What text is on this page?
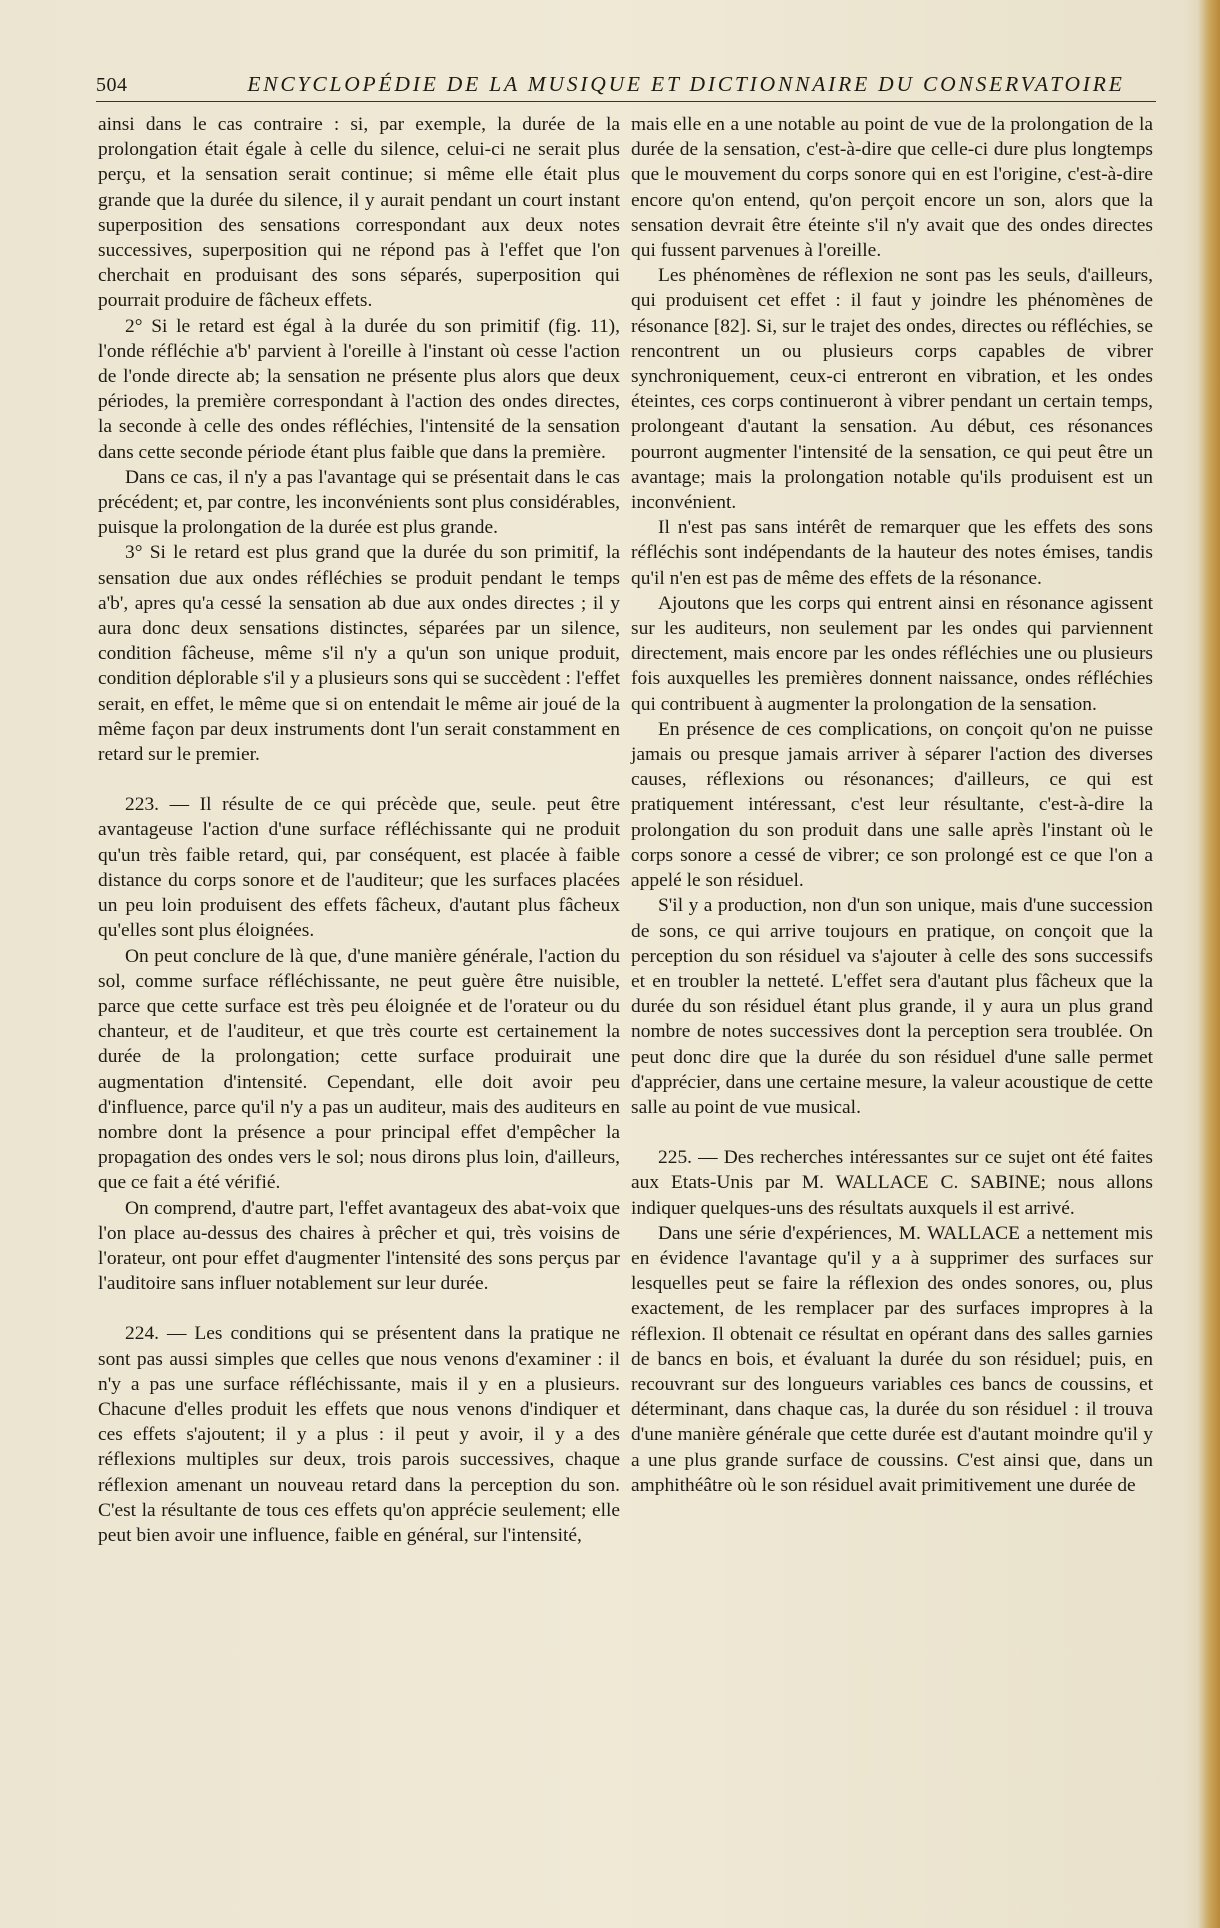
504	ENCYCLOPÉDIE DE LA MUSIQUE ET DICTIONNAIRE DU CONSERVATOIRE

ainsi dans le cas contraire : si, par exemple, la durée de la prolongation était égale à celle du silence, celui-ci ne serait plus perçu, et la sensation serait continue; si même elle était plus grande que la durée du silence, il y aurait pendant un court instant superposition des sensations correspondant aux deux notes successives, superposition qui ne répond pas à l'effet que l'on cherchait en produisant des sons séparés, superposition qui pourrait produire de fâcheux effets.

2° Si le retard est égal à la durée du son primitif (fig. 11), l'onde réfléchie a'b' parvient à l'oreille à l'instant où cesse l'action de l'onde directe ab; la sensation ne présente plus alors que deux périodes, la première correspondant à l'action des ondes directes, la seconde à celle des ondes réfléchies, l'intensité de la sensation dans cette seconde période étant plus faible que dans la première.

Dans ce cas, il n'y a pas l'avantage qui se présentait dans le cas précédent; et, par contre, les inconvénients sont plus considérables, puisque la prolongation de la durée est plus grande.

3° Si le retard est plus grand que la durée du son primitif, la sensation due aux ondes réfléchies se produit pendant le temps a'b', apres qu'a cessé la sensation ab due aux ondes directes ; il y aura donc deux sensations distinctes, séparées par un silence, condition fâcheuse, même s'il n'y a qu'un son unique produit, condition déplorable s'il y a plusieurs sons qui se succèdent : l'effet serait, en effet, le même que si on entendait le même air joué de la même façon par deux instruments dont l'un serait constamment en retard sur le premier.

223. — Il résulte de ce qui précède que, seule. peut être avantageuse l'action d'une surface réfléchissante qui ne produit qu'un très faible retard, qui, par conséquent, est placée à faible distance du corps sonore et de l'auditeur; que les surfaces placées un peu loin produisent des effets fâcheux, d'autant plus fâcheux qu'elles sont plus éloignées.

On peut conclure de là que, d'une manière générale, l'action du sol, comme surface réfléchissante, ne peut guère être nuisible, parce que cette surface est très peu éloignée et de l'orateur ou du chanteur, et de l'auditeur, et que très courte est certainement la durée de la prolongation; cette surface produirait une augmentation d'intensité. Cependant, elle doit avoir peu d'influence, parce qu'il n'y a pas un auditeur, mais des auditeurs en nombre dont la présence a pour principal effet d'empêcher la propagation des ondes vers le sol; nous dirons plus loin, d'ailleurs, que ce fait a été vérifié.

On comprend, d'autre part, l'effet avantageux des abat-voix que l'on place au-dessus des chaires à prêcher et qui, très voisins de l'orateur, ont pour effet d'augmenter l'intensité des sons perçus par l'auditoire sans influer notablement sur leur durée.

224. — Les conditions qui se présentent dans la pratique ne sont pas aussi simples que celles que nous venons d'examiner : il n'y a pas une surface réfléchissante, mais il y en a plusieurs. Chacune d'elles produit les effets que nous venons d'indiquer et ces effets s'ajoutent; il y a plus : il peut y avoir, il y a des réflexions multiples sur deux, trois parois successives, chaque réflexion amenant un nouveau retard dans la perception du son. C'est la résultante de tous ces effets qu'on apprécie seulement; elle peut bien avoir une influence, faible en général, sur l'intensité,

mais elle en a une notable au point de vue de la prolongation de la durée de la sensation, c'est-à-dire que celle-ci dure plus longtemps que le mouvement du corps sonore qui en est l'origine, c'est-à-dire encore qu'on entend, qu'on perçoit encore un son, alors que la sensation devrait être éteinte s'il n'y avait que des ondes directes qui fussent parvenues à l'oreille.

Les phénomènes de réflexion ne sont pas les seuls, d'ailleurs, qui produisent cet effet : il faut y joindre les phénomènes de résonance [82]. Si, sur le trajet des ondes, directes ou réfléchies, se rencontrent un ou plusieurs corps capables de vibrer synchroniquement, ceux-ci entreront en vibration, et les ondes éteintes, ces corps continueront à vibrer pendant un certain temps, prolongeant d'autant la sensation. Au début, ces résonances pourront augmenter l'intensité de la sensation, ce qui peut être un avantage; mais la prolongation notable qu'ils produisent est un inconvénient.

Il n'est pas sans intérêt de remarquer que les effets des sons réfléchis sont indépendants de la hauteur des notes émises, tandis qu'il n'en est pas de même des effets de la résonance.

Ajoutons que les corps qui entrent ainsi en résonance agissent sur les auditeurs, non seulement par les ondes qui parviennent directement, mais encore par les ondes réfléchies une ou plusieurs fois auxquelles les premières donnent naissance, ondes réfléchies qui contribuent à augmenter la prolongation de la sensation.

En présence de ces complications, on conçoit qu'on ne puisse jamais ou presque jamais arriver à séparer l'action des diverses causes, réflexions ou résonances; d'ailleurs, ce qui est pratiquement intéressant, c'est leur résultante, c'est-à-dire la prolongation du son produit dans une salle après l'instant où le corps sonore a cessé de vibrer; ce son prolongé est ce que l'on a appelé le son résiduel.

S'il y a production, non d'un son unique, mais d'une succession de sons, ce qui arrive toujours en pratique, on conçoit que la perception du son résiduel va s'ajouter à celle des sons successifs et en troubler la netteté. L'effet sera d'autant plus fâcheux que la durée du son résiduel étant plus grande, il y aura un plus grand nombre de notes successives dont la perception sera troublée. On peut donc dire que la durée du son résiduel d'une salle permet d'apprécier, dans une certaine mesure, la valeur acoustique de cette salle au point de vue musical.

225. — Des recherches intéressantes sur ce sujet ont été faites aux Etats-Unis par M. WALLACE C. SABINE; nous allons indiquer quelques-uns des résultats auxquels il est arrivé.

Dans une série d'expériences, M. WALLACE a nettement mis en évidence l'avantage qu'il y a à supprimer des surfaces sur lesquelles peut se faire la réflexion des ondes sonores, ou, plus exactement, de les remplacer par des surfaces impropres à la réflexion. Il obtenait ce résultat en opérant dans des salles garnies de bancs en bois, et évaluant la durée du son résiduel; puis, en recouvrant sur des longueurs variables ces bancs de coussins, et déterminant, dans chaque cas, la durée du son résiduel : il trouva d'une manière générale que cette durée est d'autant moindre qu'il y a une plus grande surface de coussins. C'est ainsi que, dans un amphithéâtre où le son résiduel avait primitivement une durée de
